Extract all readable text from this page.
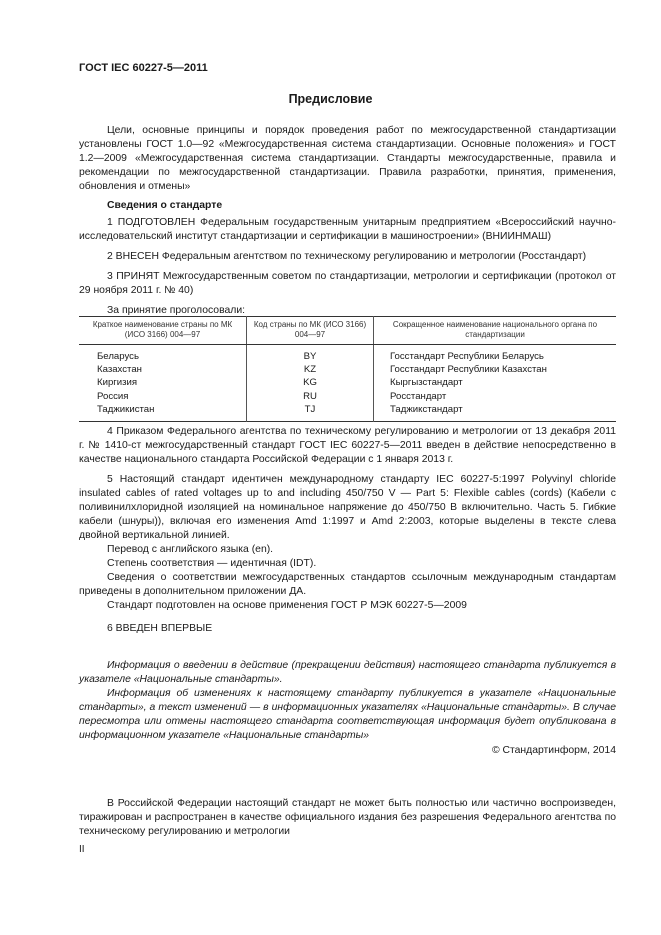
ГОСТ IEC 60227-5—2011
Предисловие
Цели, основные принципы и порядок проведения работ по межгосударственной стандартизации установлены ГОСТ 1.0—92 «Межгосударственная система стандартизации. Основные положения» и ГОСТ 1.2—2009 «Межгосударственная система стандартизации. Стандарты межгосударственные, правила и рекомендации по межгосударственной стандартизации. Правила разработки, принятия, применения, обновления и отмены»
Сведения о стандарте
1 ПОДГОТОВЛЕН Федеральным государственным унитарным предприятием «Всероссийский научно-исследовательский институт стандартизации и сертификации в машиностроении» (ВНИИНМАШ)
2 ВНЕСЕН Федеральным агентством по техническому регулированию и метрологии (Росстандарт)
3 ПРИНЯТ Межгосударственным советом по стандартизации, метрологии и сертификации (протокол от 29 ноября 2011 г. № 40)
За принятие проголосовали:
Краткое наименование страны по МК (ИСО 3166) 004—97	Код страны по МК (ИСО 3166) 004—97	Сокращенное наименование национального органа по стандартизации
Беларусь	BY	Госстандарт Республики Беларусь
Казахстан	KZ	Госстандарт Республики Казахстан
Киргизия	KG	Кыргызстандарт
Россия	RU	Росстандарт
Таджикистан	TJ	Таджикстандарт
4 Приказом Федерального агентства по техническому регулированию и метрологии от 13 декабря 2011 г. № 1410-ст межгосударственный стандарт ГОСТ IEC 60227-5—2011 введен в действие непосредственно в качестве национального стандарта Российской Федерации с 1 января 2013 г.
5 Настоящий стандарт идентичен международному стандарту IEC 60227-5:1997 Polyvinyl chloride insulated cables of rated voltages up to and including 450/750 V — Part 5: Flexible cables (cords) (Кабели с поливинилхлоридной изоляцией на номинальное напряжение до 450/750 В включительно. Часть 5. Гибкие кабели (шнуры)), включая его изменения Amd 1:1997 и Amd 2:2003, которые выделены в тексте слева двойной вертикальной линией.
Перевод с английского языка (en).
Степень соответствия — идентичная (IDT).
Сведения о соответствии межгосударственных стандартов ссылочным международным стандартам приведены в дополнительном приложении ДА.
Стандарт подготовлен на основе применения ГОСТ Р МЭК 60227-5—2009
6 ВВЕДЕН ВПЕРВЫЕ
Информация о введении в действие (прекращении действия) настоящего стандарта публикуется в указателе «Национальные стандарты».
Информация об изменениях к настоящему стандарту публикуется в указателе «Национальные стандарты», а текст изменений — в информационных указателях «Национальные стандарты». В случае пересмотра или отмены настоящего стандарта соответствующая информация будет опубликована в информационном указателе «Национальные стандарты»
© Стандартинформ, 2014
В Российской Федерации настоящий стандарт не может быть полностью или частично воспроизведен, тиражирован и распространен в качестве официального издания без разрешения Федерального агентства по техническому регулированию и метрологии
II
